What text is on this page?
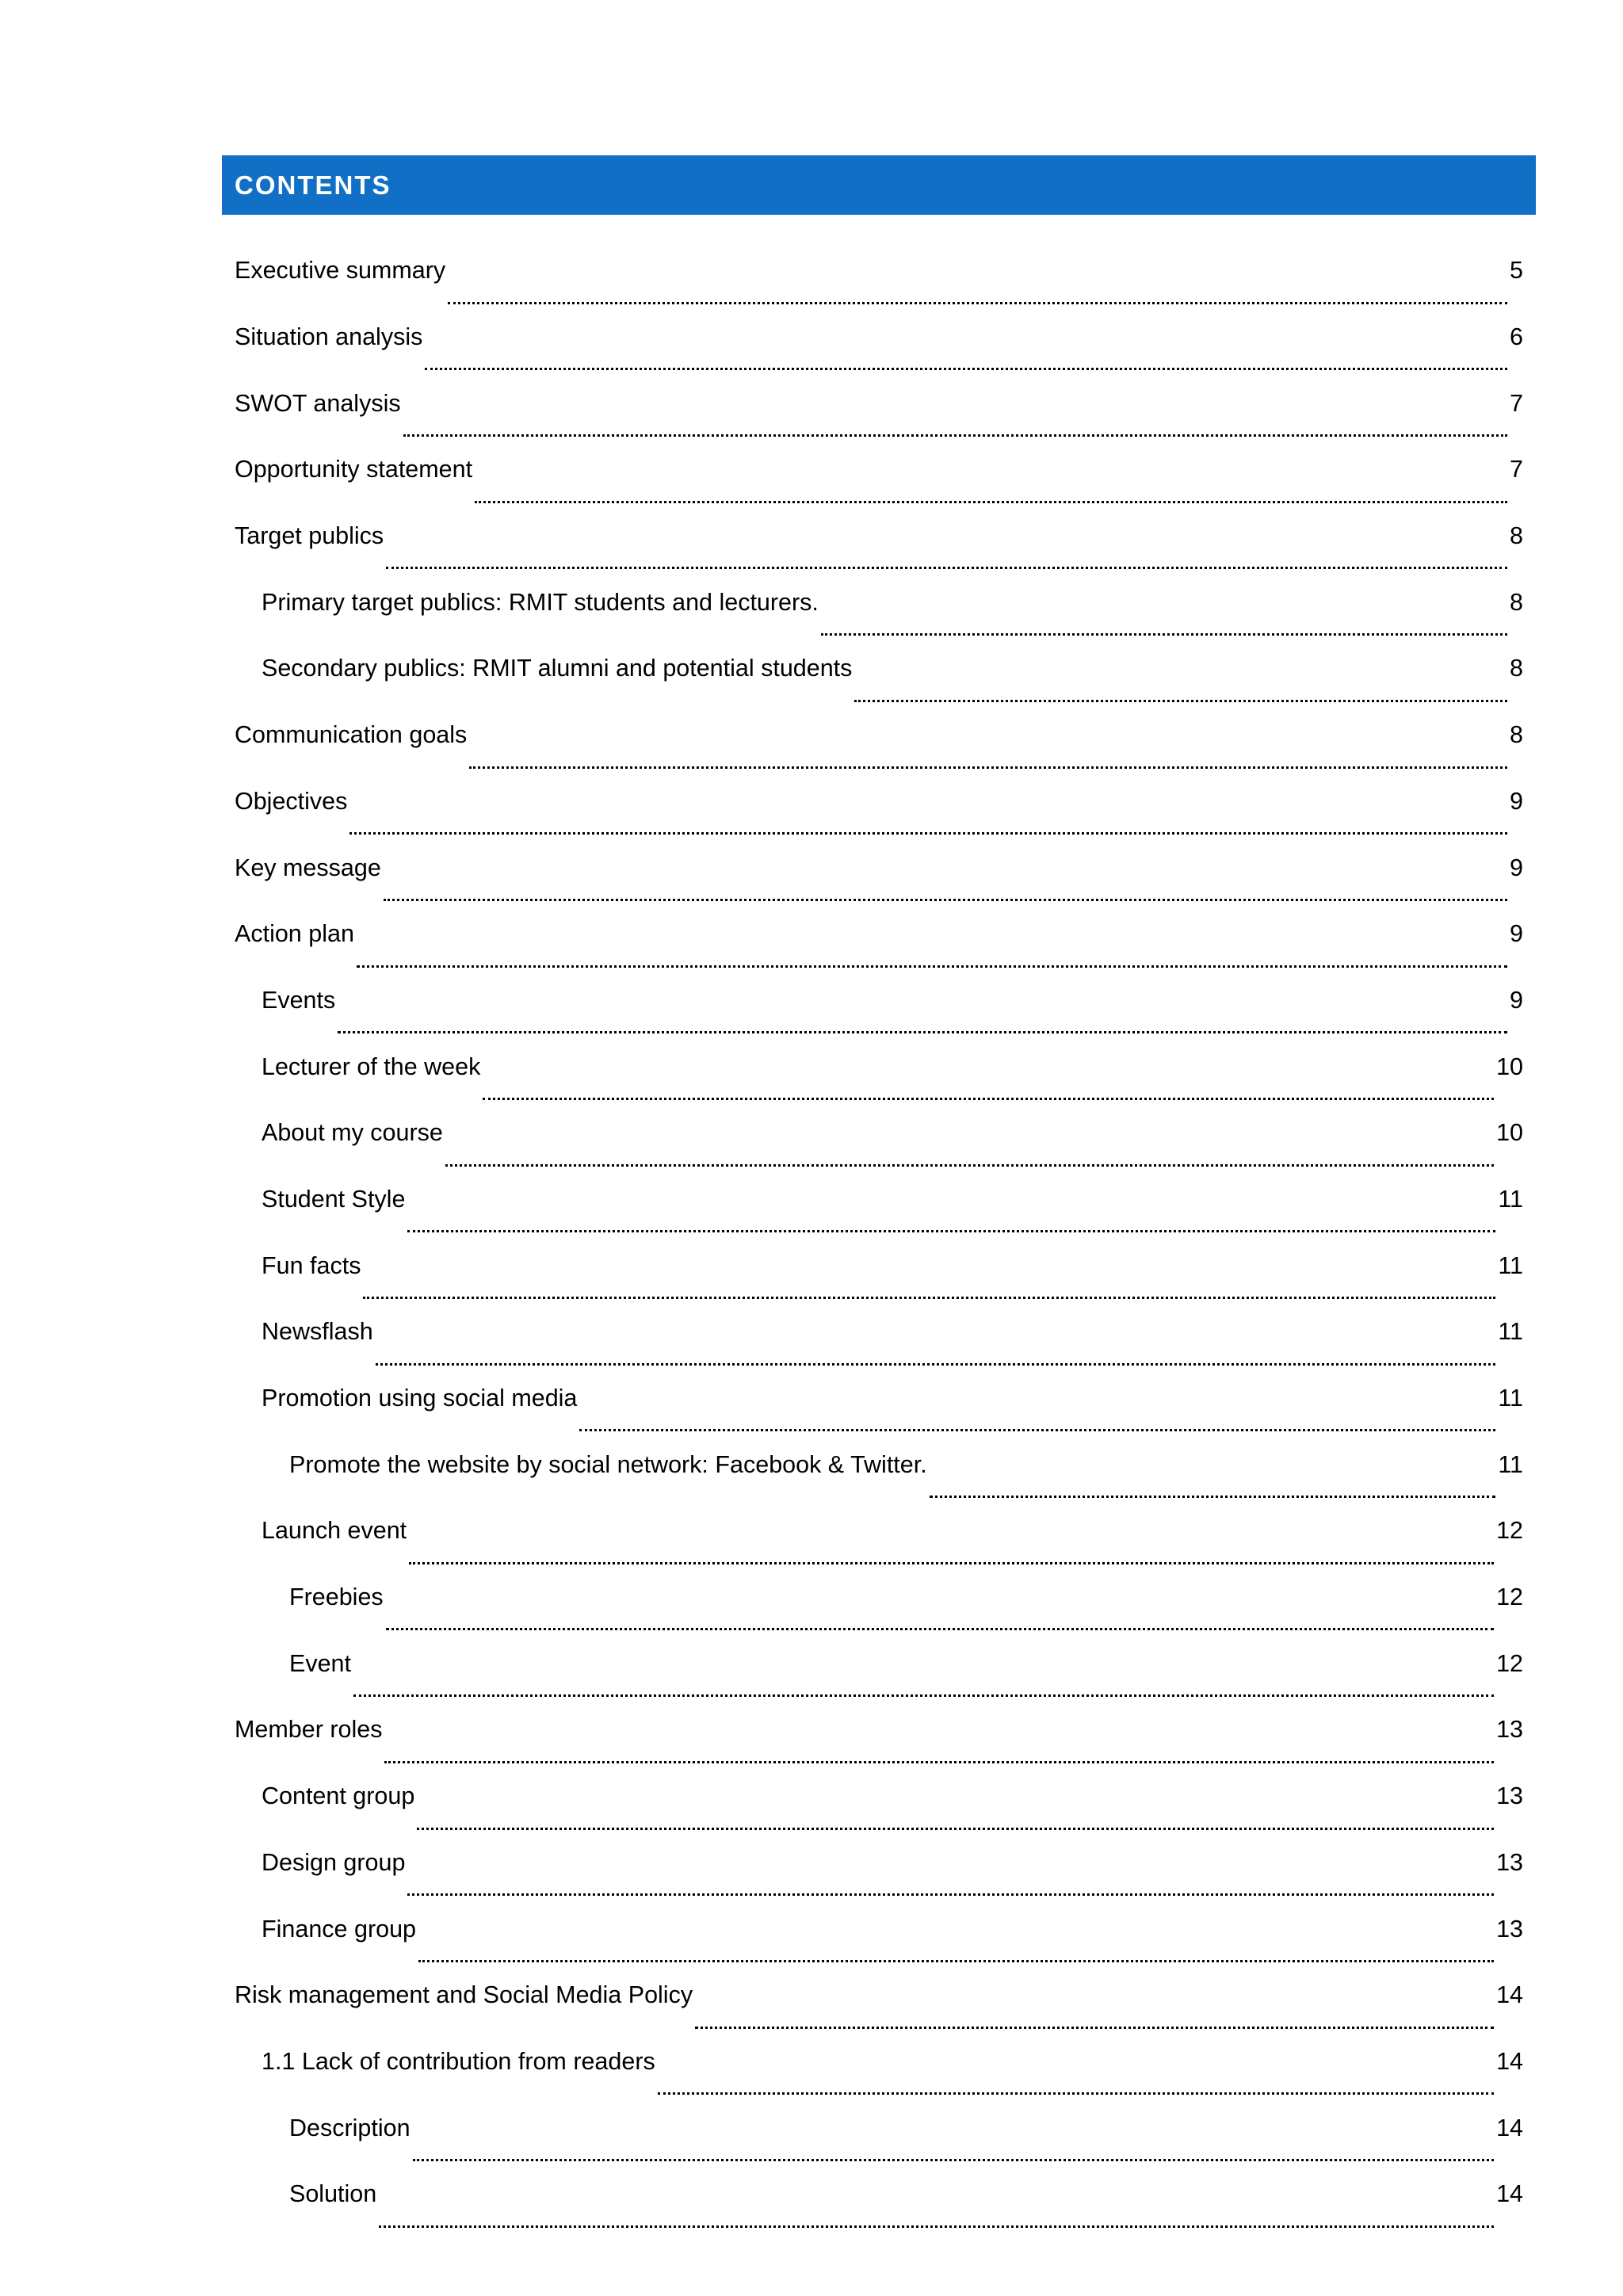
CONTENTS
Executive summary	5
Situation analysis	6
SWOT analysis	7
Opportunity statement	7
Target publics	8
Primary target publics: RMIT students and lecturers.	8
Secondary publics: RMIT alumni and potential students	8
Communication goals	8
Objectives	9
Key message	9
Action plan	9
Events	9
Lecturer of the week	10
About my course	10
Student Style	11
Fun facts	11
Newsflash	11
Promotion using social media	11
Promote the website by social network: Facebook & Twitter.	11
Launch event	12
Freebies	12
Event	12
Member roles	13
Content group	13
Design group	13
Finance group	13
Risk management and Social Media Policy	14
1.1 Lack of contribution from readers	14
Description	14
Solution	14
